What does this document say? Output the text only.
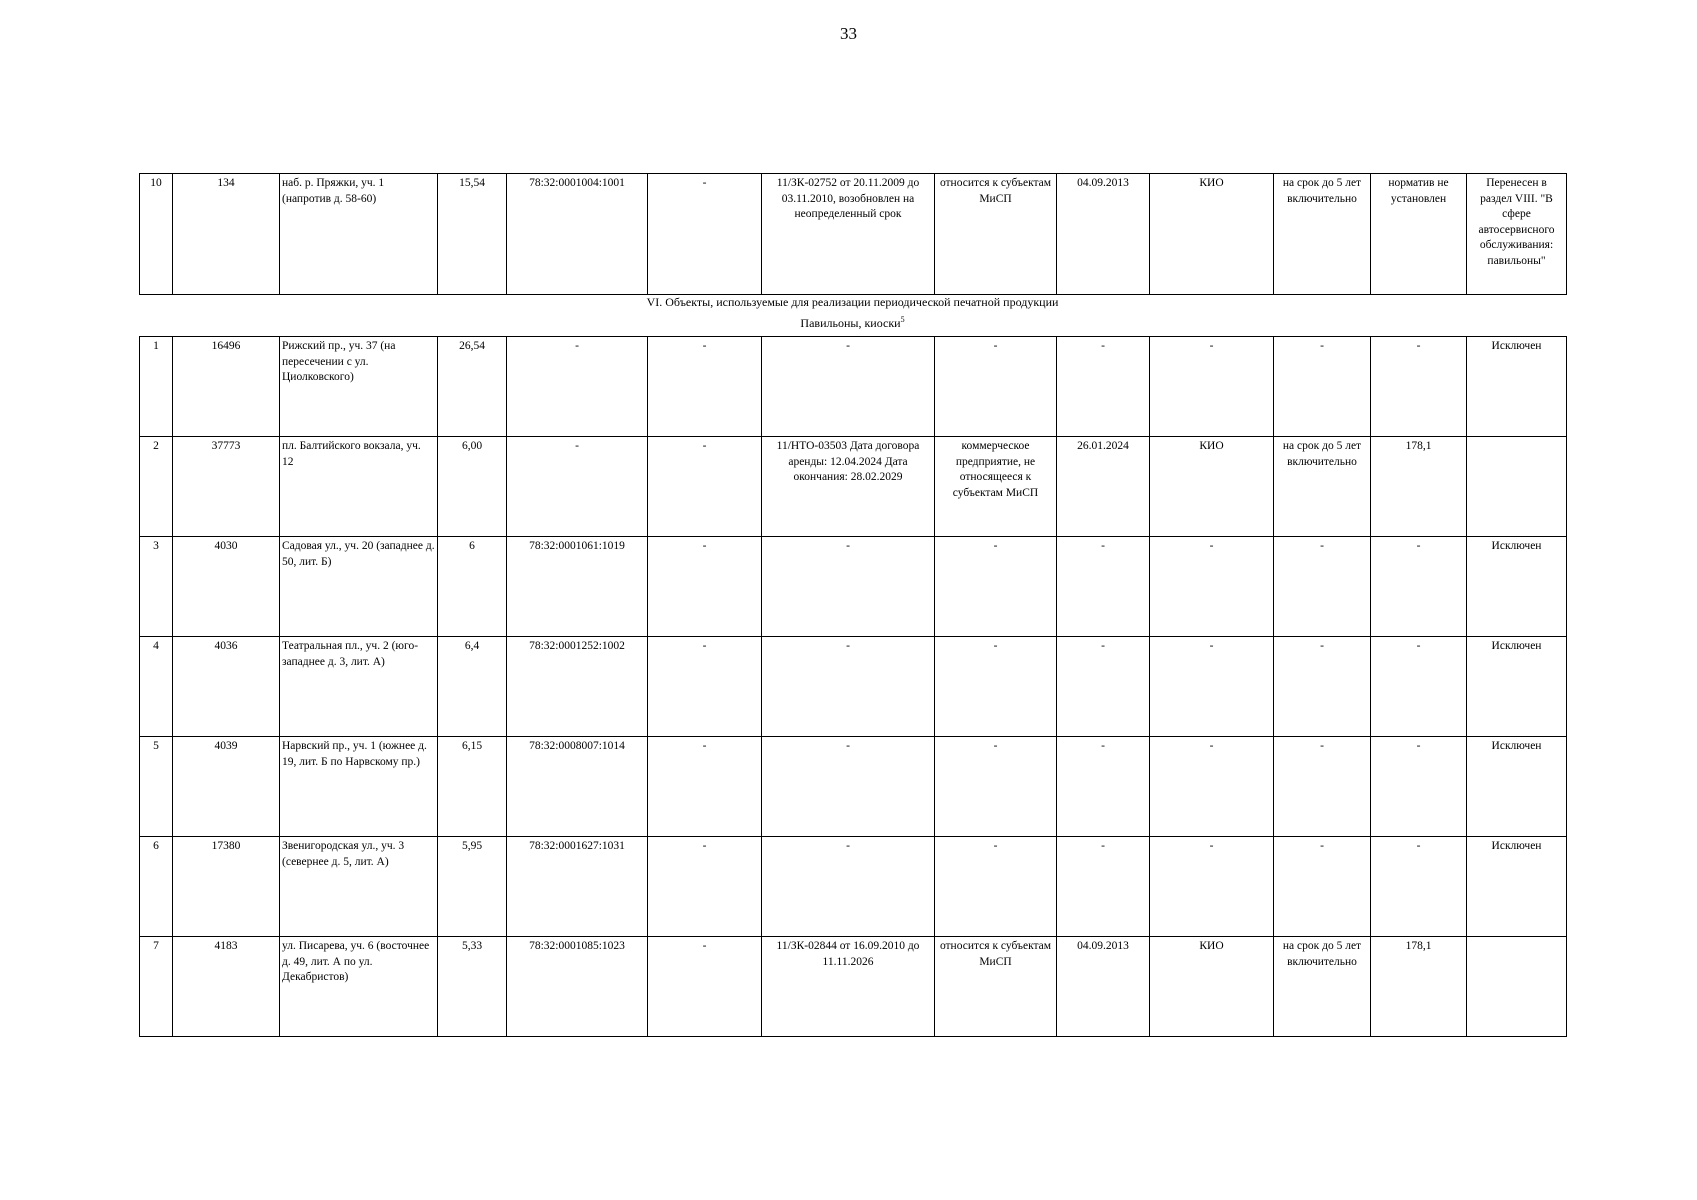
33
10	134	наб. р. Пряжки, уч. 1 (напротив д. 58-60)	15,54	78:32:0001004:1001	-	11/ЗК-02752 от 20.11.2009 до 03.11.2010, возобновлен на неопределенный срок	относится к субъектам МиСП	04.09.2013	КИО	на срок до 5 лет включительно	норматив не установлен	Перенесен в раздел VIII. "В сфере автосервисного обслуживания: павильоны"
VI. Объекты, используемые для реализации периодической печатной продукции
Павильоны, киоски$^5$
1	16496	Рижский пр., уч. 37 (на пересечении с ул. Циолковского)	26,54	-	-	-	-	-	-	-	-	Исключен
2	37773	пл. Балтийского вокзала, уч. 12	6,00	-	-	11/НТО-03503 Дата договора аренды: 12.04.2024 Дата окончания: 28.02.2029	коммерческое предприятие, не относящееся к субъектам МиСП	26.01.2024	КИО	на срок до 5 лет включительно	178,1	
3	4030	Садовая ул., уч. 20 (западнее д. 50, лит. Б)	6	78:32:0001061:1019	-	-	-	-	-	-	-	Исключен
4	4036	Театральная пл., уч. 2 (юго-западнее д. 3, лит. А)	6,4	78:32:0001252:1002	-	-	-	-	-	-	-	Исключен
5	4039	Нарвский пр., уч. 1 (южнее д. 19, лит. Б по Нарвскому пр.)	6,15	78:32:0008007:1014	-	-	-	-	-	-	-	Исключен
6	17380	Звенигородская ул., уч. 3 (севернее д. 5, лит. А)	5,95	78:32:0001627:1031	-	-	-	-	-	-	-	Исключен
7	4183	ул. Писарева, уч. 6 (восточнее д. 49, лит. А по ул. Декабристов)	5,33	78:32:0001085:1023	-	11/ЗК-02844 от 16.09.2010 до 11.11.2026	относится к субъектам МиСП	04.09.2013	КИО	на срок до 5 лет включительно	178,1	
